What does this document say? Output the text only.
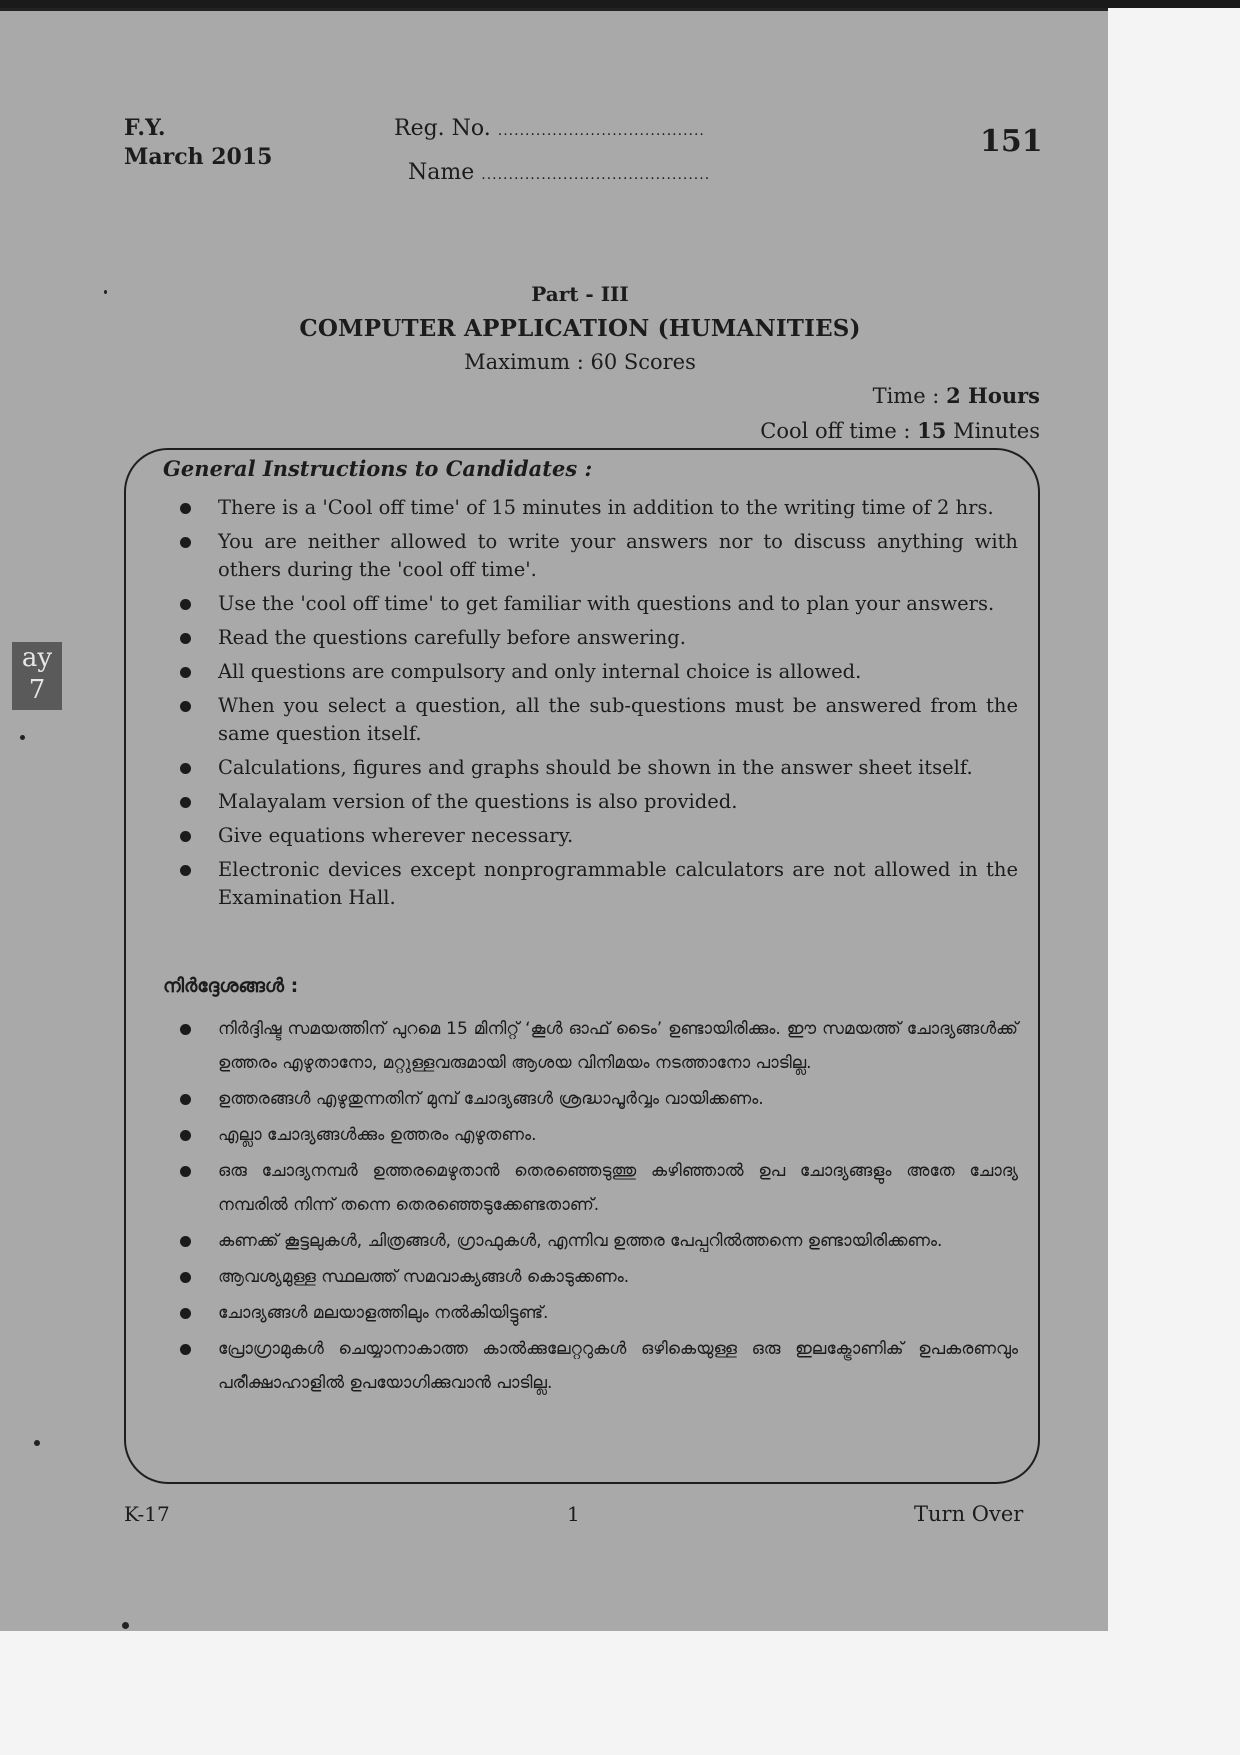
ay
7
F.Y.
March 2015
Reg. No. ......................................
Name ..........................................
151
Part - III
COMPUTER APPLICATION (HUMANITIES)
Maximum : 60 Scores
Time : 2 Hours
Cool off time : 15 Minutes
General Instructions to Candidates :
There is a 'Cool off time' of 15 minutes in addition to the writing time of 2 hrs.
You are neither allowed to write your answers nor to discuss anything with others during the 'cool off time'.
Use the 'cool off time' to get familiar with questions and to plan your answers.
Read the questions carefully before answering.
All questions are compulsory and only internal choice is allowed.
When you select a question, all the sub-questions must be answered from the same question itself.
Calculations, figures and graphs should be shown in the answer sheet itself.
Malayalam version of the questions is also provided.
Give equations wherever necessary.
Electronic devices except nonprogrammable calculators are not allowed in the Examination Hall.
നിർദ്ദേശങ്ങൾ :
നിർദ്ദിഷ്ട സമയത്തിന് പുറമെ 15 മിനിറ്റ് ‘കൂൾ ഓഫ് ടൈം’ ഉണ്ടായിരിക്കും. ഈ സമയത്ത് ചോദ്യങ്ങൾക്ക് ഉത്തരം എഴുതാനോ, മറ്റുള്ളവരുമായി ആശയ വിനിമയം നടത്താനോ പാടില്ല.
ഉത്തരങ്ങൾ എഴുതുന്നതിന് മുമ്പ് ചോദ്യങ്ങൾ ശ്രദ്ധാപൂർവ്വം വായിക്കണം.
എല്ലാ ചോദ്യങ്ങൾക്കും ഉത്തരം എഴുതണം.
ഒരു ചോദ്യനമ്പർ ഉത്തരമെഴുതാൻ തെരഞ്ഞെടുത്തു കഴിഞ്ഞാൽ ഉപ ചോദ്യങ്ങളും അതേ ചോദ്യ നമ്പരിൽ നിന്ന് തന്നെ തെരഞ്ഞെടുക്കേണ്ടതാണ്.
കണക്ക് കൂട്ടലുകൾ, ചിത്രങ്ങൾ, ഗ്രാഫുകൾ, എന്നിവ ഉത്തര പേപ്പറിൽത്തന്നെ ഉണ്ടായിരിക്കണം.
ആവശ്യമുള്ള സ്ഥലത്ത് സമവാക്യങ്ങൾ കൊടുക്കണം.
ചോദ്യങ്ങൾ മലയാളത്തിലും നൽകിയിട്ടുണ്ട്.
പ്രോഗ്രാമുകൾ ചെയ്യാനാകാത്ത കാൽക്കുലേറ്ററുകൾ ഒഴികെയുള്ള ഒരു ഇലക്ട്രോണിക് ഉപകരണവും പരീക്ഷാഹാളിൽ ഉപയോഗിക്കുവാൻ പാടില്ല.
K-17	1	Turn Over
